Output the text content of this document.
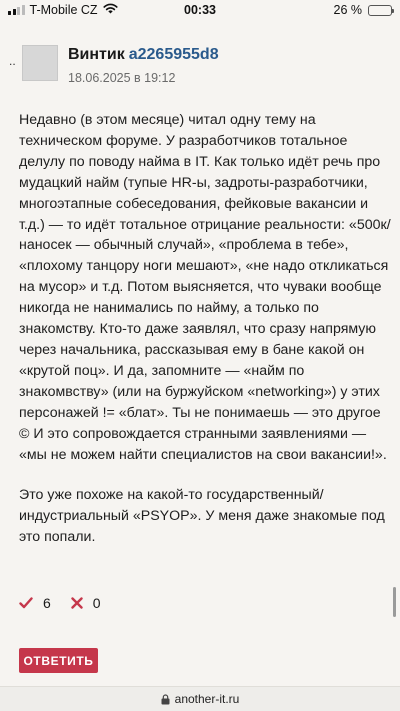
T-Mobile CZ	00:33	26 %
..	Винтик a2265955d8
18.06.2025 в 19:12

Недавно (в этом месяце) читал одну тему на техническом форуме. У разработчиков тотальное делулу по поводу найма в IT. Как только идёт речь про мудацкий найм (тупые HR-ы, задроты-разработчики, многоэтапные собеседования, фейковые вакансии и т.д.) — то идёт тотальное отрицание реальности: «500к/наносек — обычный случай», «проблема в тебе», «плохому танцору ноги мешают», «не надо откликаться на мусор» и т.д. Потом выясняется, что чуваки вообще никогда не нанимались по найму, а только по знакомству. Кто-то даже заявлял, что сразу напрямую через начальника, рассказывая ему в бане какой он «крутой поц». И да, запомните — «найм по знакомвству» (или на буржуйском «networking») у этих персонажей != «блат». Ты не понимаешь — это другое © И это сопровождается странными заявлениями — «мы не можем найти специалистов на свои вакансии!».

Это уже похоже на какой-то государственный/индустриальный «PSYOP». У меня даже знакомые под это попали.

6	0
ОТВЕТИТЬ
another-it.ru
